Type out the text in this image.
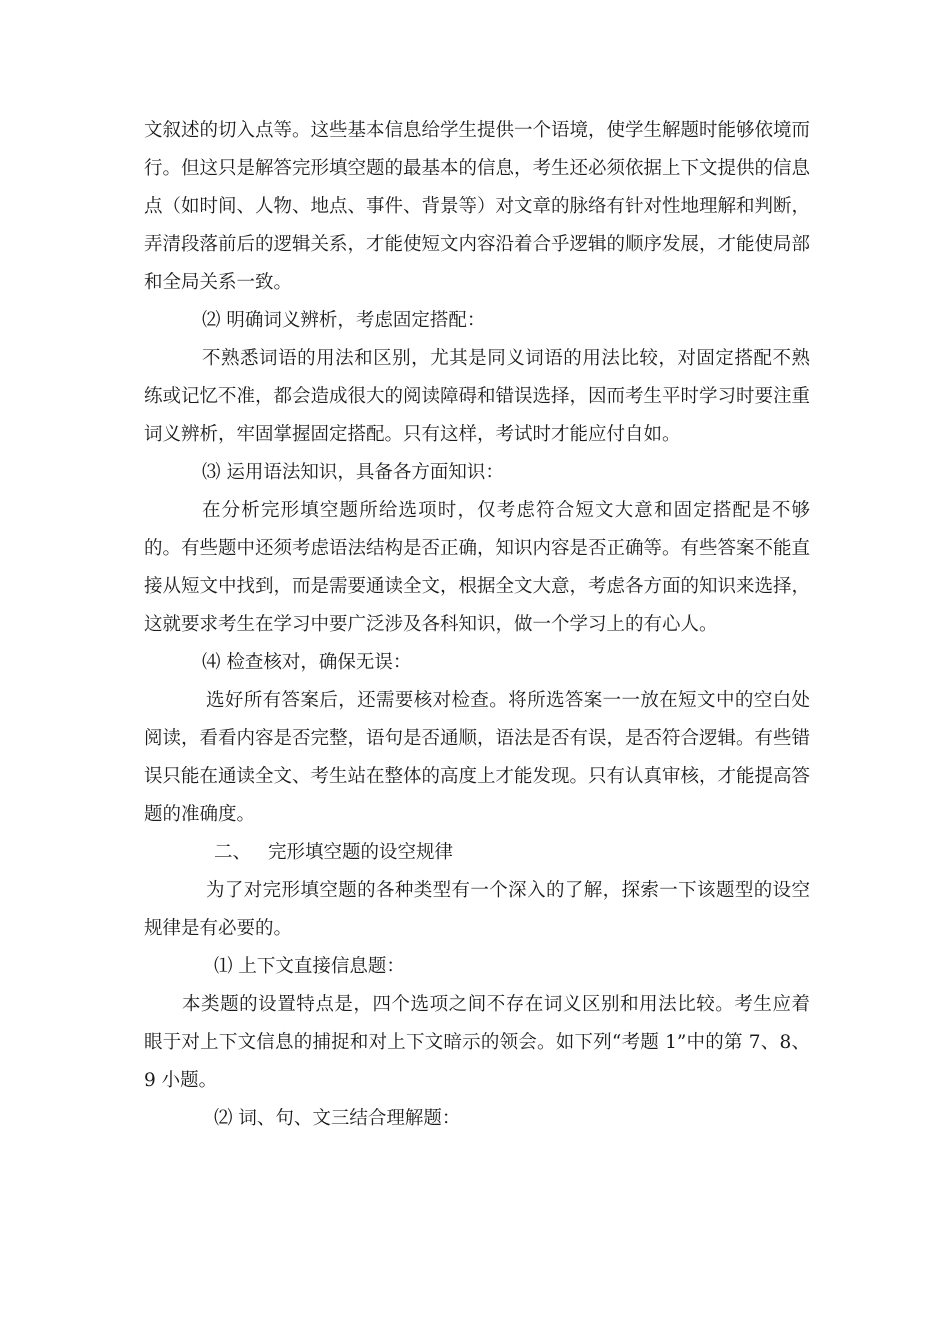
文叙述的切入点等。这些基本信息给学生提供一个语境，使学生解题时能够依境而行。但这只是解答完形填空题的最基本的信息，考生还必须依据上下文提供的信息点（如时间、人物、地点、事件、背景等）对文章的脉络有针对性地理解和判断，弄清段落前后的逻辑关系，才能使短文内容沿着合乎逻辑的顺序发展，才能使局部和全局关系一致。

⑵ 明确词义辨析，考虑固定搭配：

不熟悉词语的用法和区别，尤其是同义词语的用法比较，对固定搭配不熟练或记忆不准，都会造成很大的阅读障碍和错误选择，因而考生平时学习时要注重词义辨析，牢固掌握固定搭配。只有这样，考试时才能应付自如。

⑶ 运用语法知识，具备各方面知识：

在分析完形填空题所给选项时，仅考虑符合短文大意和固定搭配是不够的。有些题中还须考虑语法结构是否正确，知识内容是否正确等。有些答案不能直接从短文中找到，而是需要通读全文，根据全文大意，考虑各方面的知识来选择，这就要求考生在学习中要广泛涉及各科知识，做一个学习上的有心人。

⑷ 检查核对，确保无误：

选好所有答案后，还需要核对检查。将所选答案一一放在短文中的空白处阅读，看看内容是否完整，语句是否通顺，语法是否有误，是否符合逻辑。有些错误只能在通读全文、考生站在整体的高度上才能发现。只有认真审核，才能提高答题的准确度。

二、 完形填空题的设空规律

为了对完形填空题的各种类型有一个深入的了解，探索一下该题型的设空规律是有必要的。

⑴ 上下文直接信息题：

本类题的设置特点是，四个选项之间不存在词义区别和用法比较。考生应着眼于对上下文信息的捕捉和对上下文暗示的领会。如下列“考题 1”中的第 7、8、9 小题。

⑵ 词、句、文三结合理解题：
